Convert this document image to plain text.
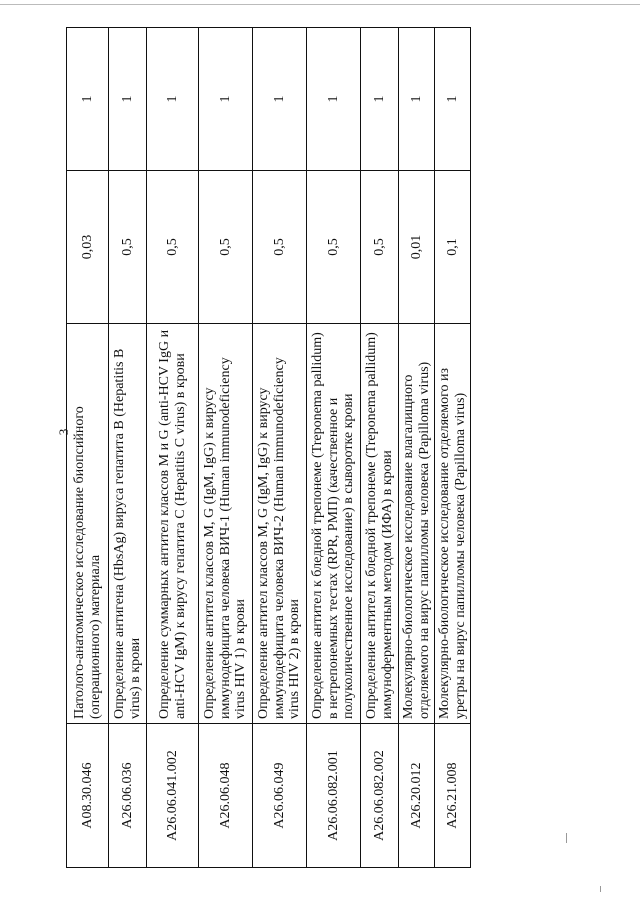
3
A08.30.046	Патолого-анатомическое исследование биопсийного (операционного) материала	0,03	1
A26.06.036	Определение антигена (HbsAg) вируса гепатита B (Hepatitis B virus) в крови	0,5	1
A26.06.041.002	Определение суммарных антител классов M и G (anti-HCV IgG и anti-HCV IgM) к вирусу гепатита C (Hepatitis C virus) в крови	0,5	1
A26.06.048	Определение антител классов M, G (IgM, IgG) к вирусу иммунодефицита человека ВИЧ-1 (Human immunodeficiency virus HIV 1) в крови	0,5	1
A26.06.049	Определение антител классов M, G (IgM, IgG) к вирусу иммунодефицита человека ВИЧ-2 (Human immunodeficiency virus HIV 2) в крови	0,5	1
A26.06.082.001	Определение антител к бледной трепонеме (Treponema pallidum) в нетрепонемных тестах (RPR, РМП) (качественное и полуколичественное исследование) в сыворотке крови	0,5	1
A26.06.082.002	Определение антител к бледной трепонеме (Treponema pallidum) иммуноферментным методом (ИФА) в крови	0,5	1
A26.20.012	Молекулярно-биологическое исследование влагалищного отделяемого на вирус папилломы человека (Papilloma virus)	0,01	1
A26.21.008	Молекулярно-биологическое исследование отделяемого из уретры на вирус папилломы человека (Papilloma virus)	0,1	1
